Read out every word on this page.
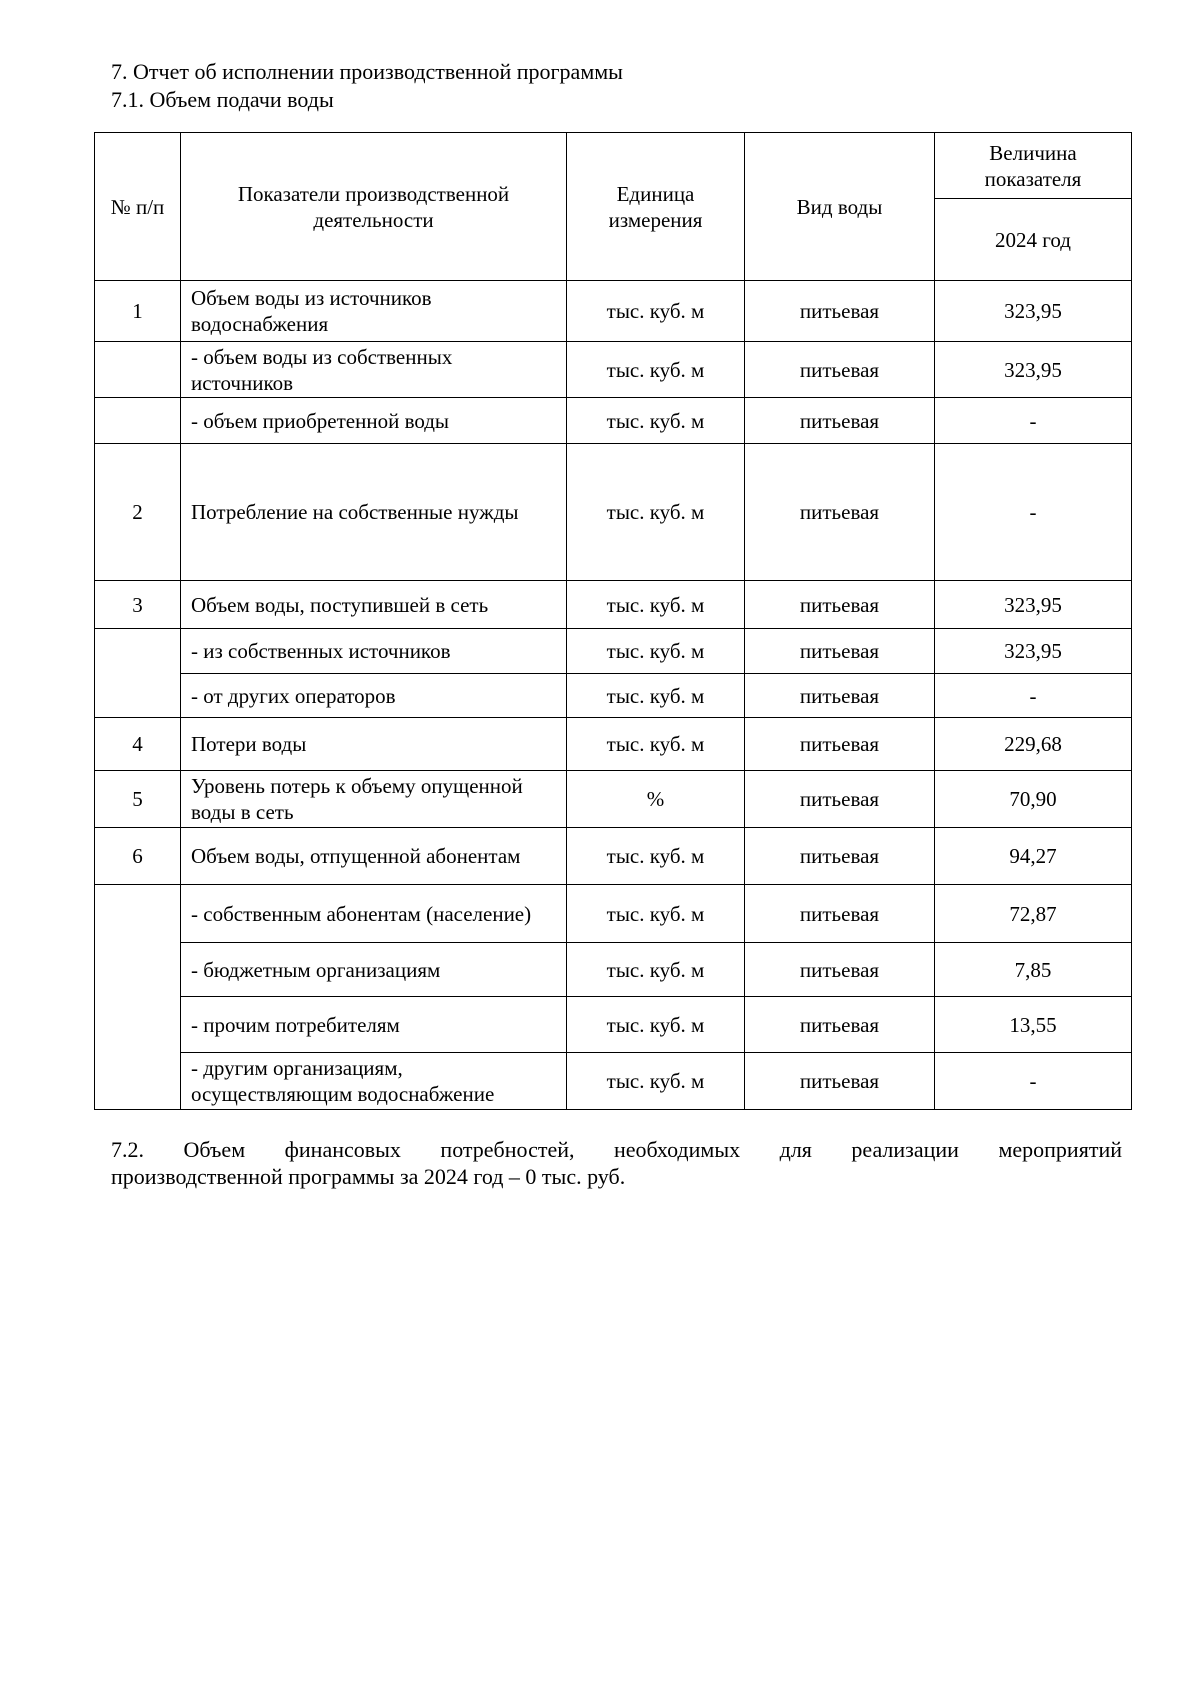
7. Отчет об исполнении производственной программы
7.1. Объем подачи воды
№ п/п	Показатели производственной деятельности	Единица измерения	Вид воды	Величина показателя
				2024 год
1	Объем воды из источников водоснабжения	тыс. куб. м	питьевая	323,95
	- объем воды из собственных источников	тыс. куб. м	питьевая	323,95
	- объем приобретенной воды	тыс. куб. м	питьевая	-
2	Потребление на собственные нужды	тыс. куб. м	питьевая	-
3	Объем воды, поступившей в сеть	тыс. куб. м	питьевая	323,95
	- из собственных источников	тыс. куб. м	питьевая	323,95
	- от других операторов	тыс. куб. м	питьевая	-
4	Потери воды	тыс. куб. м	питьевая	229,68
5	Уровень потерь к объему опущенной воды в сеть	%	питьевая	70,90
6	Объем воды, отпущенной абонентам	тыс. куб. м	питьевая	94,27
	- собственным абонентам (население)	тыс. куб. м	питьевая	72,87
	- бюджетным организациям	тыс. куб. м	питьевая	7,85
	- прочим потребителям	тыс. куб. м	питьевая	13,55
	- другим организациям, осуществляющим водоснабжение	тыс. куб. м	питьевая	-
7.2. Объем финансовых потребностей, необходимых для реализации мероприятий
производственной программы за 2024 год – 0 тыс. руб.
